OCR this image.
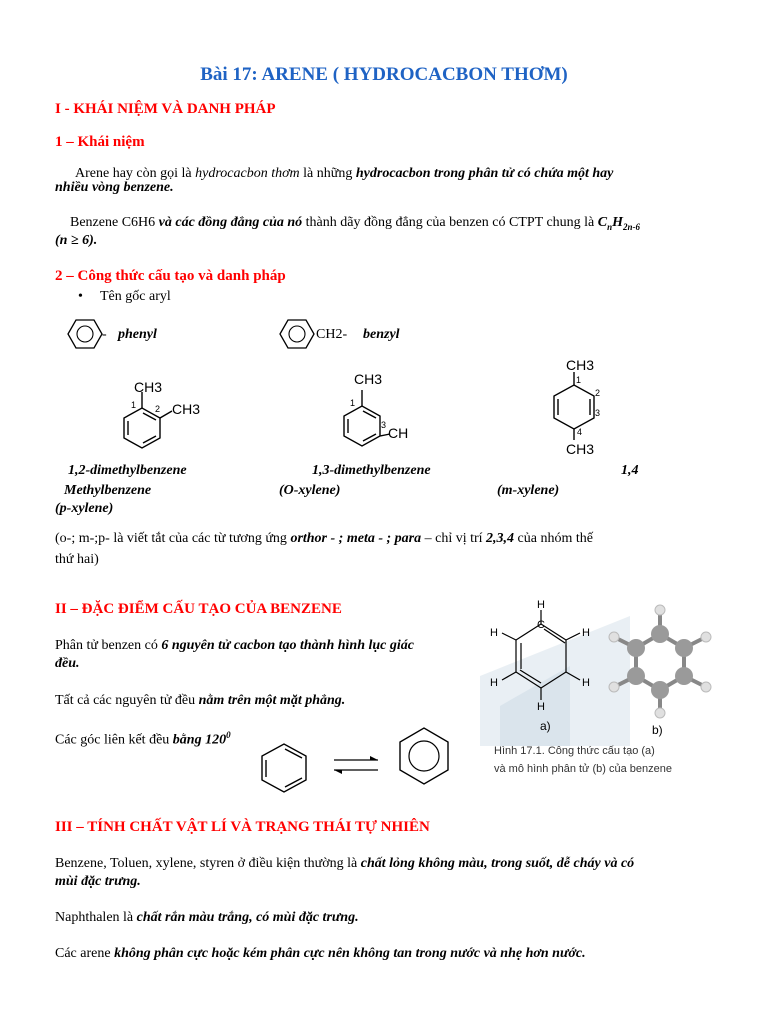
Bài 17: ARENE ( HYDROCACBON THƠM)
I - KHÁI NIỆM VÀ DANH PHÁP
1 – Khái niệm
Arene hay còn gọi là hydrocacbon thơm là những hydrocacbon trong phân tử có chứa một hay
nhiều vòng benzene.
Benzene C6H6 và các đồng đẳng của nó thành dãy đồng đẳng của benzen có CTPT chung là $C_nH_{2n-6}$
(n ≥ 6).
2 – Công thức cấu tạo và danh pháp
• Tên gốc aryl
- phenyl	CH2- benzyl
CH3
CH3
1 2
CH3
CH
1
3
CH3
CH3
1
2
3
4
1,2-dimethylbenzene	1,3-dimethylbenzene	1,4
Methylbenzene	(O-xylene)	(m-xylene)
(p-xylene)
(o-; m-;p- là viết tắt của các từ tương ứng orthor - ; meta - ; para – chỉ vị trí 2,3,4 của nhóm thế
thứ hai)
II – ĐẶC ĐIỂM CẤU TẠO CỦA BENZENE
Phân tử benzen có 6 nguyên tử cacbon tạo thành hình lục giác
đều.
Tất cả các nguyên tử đều nằm trên một mặt phẳng.
Các góc liên kết đều bằng $120^0$
H
C
H
H
H
H
H
a)	b)
Hình 17.1. Công thức cấu tạo (a)
và mô hình phân tử (b) của benzene
III – TÍNH CHẤT VẬT LÍ VÀ TRẠNG THÁI TỰ NHIÊN
Benzene, Toluen, xylene, styren ở điều kiện thường là chất lỏng không màu, trong suốt, dễ cháy và có
mùi đặc trưng.
Naphthalen là chất rắn màu trắng, có mùi đặc trưng.
Các arene không phân cực hoặc kém phân cực nên không tan trong nước và nhẹ hơn nước.
